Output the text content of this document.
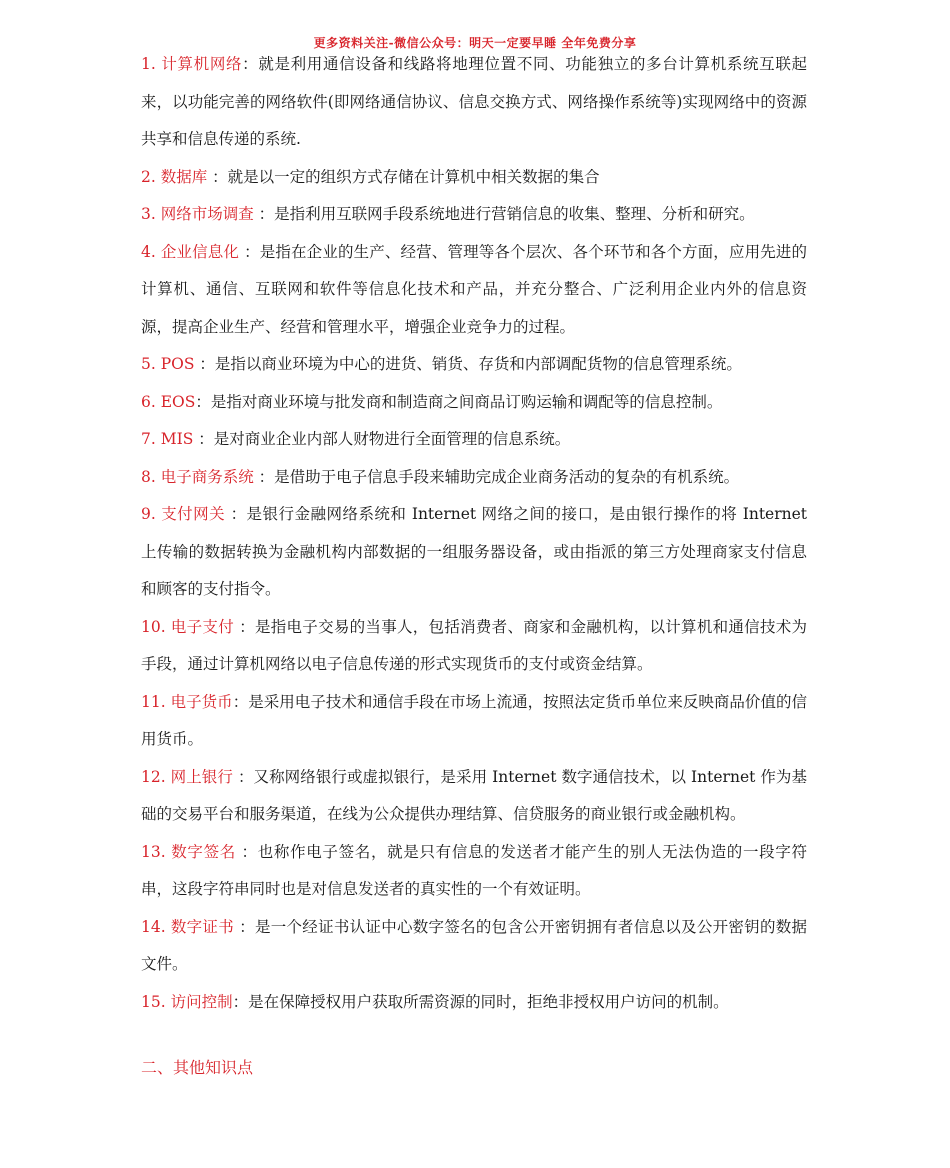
更多资料关注-微信公众号：明天一定要早睡 全年免费分享

1. 计算机网络：就是利用通信设备和线路将地理位置不同、功能独立的多台计算机系统互联起来，以功能完善的网络软件(即网络通信协议、信息交换方式、网络操作系统等)实现网络中的资源共享和信息传递的系统.

2. 数据库 ：就是以一定的组织方式存储在计算机中相关数据的集合

3. 网络市场调查 ：是指利用互联网手段系统地进行营销信息的收集、整理、分析和研究。

4. 企业信息化 ：是指在企业的生产、经营、管理等各个层次、各个环节和各个方面，应用先进的计算机、通信、互联网和软件等信息化技术和产品，并充分整合、广泛利用企业内外的信息资源，提高企业生产、经营和管理水平，增强企业竞争力的过程。

5. POS ：是指以商业环境为中心的进货、销货、存货和内部调配货物的信息管理系统。

6. EOS：是指对商业环境与批发商和制造商之间商品订购运输和调配等的信息控制。

7. MIS ：是对商业企业内部人财物进行全面管理的信息系统。

8. 电子商务系统 ：是借助于电子信息手段来辅助完成企业商务活动的复杂的有机系统。

9. 支付网关 ：是银行金融网络系统和 Internet 网络之间的接口，是由银行操作的将 Internet 上传输的数据转换为金融机构内部数据的一组服务器设备，或由指派的第三方处理商家支付信息和顾客的支付指令。

10. 电子支付 ：是指电子交易的当事人，包括消费者、商家和金融机构，以计算机和通信技术为手段，通过计算机网络以电子信息传递的形式实现货币的支付或资金结算。

11. 电子货币：是采用电子技术和通信手段在市场上流通，按照法定货币单位来反映商品价值的信用货币。

12. 网上银行 ：又称网络银行或虚拟银行，是采用 Internet 数字通信技术，以 Internet 作为基础的交易平台和服务渠道，在线为公众提供办理结算、信贷服务的商业银行或金融机构。

13. 数字签名 ：也称作电子签名，就是只有信息的发送者才能产生的别人无法伪造的一段字符串，这段字符串同时也是对信息发送者的真实性的一个有效证明。

14. 数字证书 ：是一个经证书认证中心数字签名的包含公开密钥拥有者信息以及公开密钥的数据文件。

15. 访问控制：是在保障授权用户获取所需资源的同时，拒绝非授权用户访问的机制。

二、其他知识点
